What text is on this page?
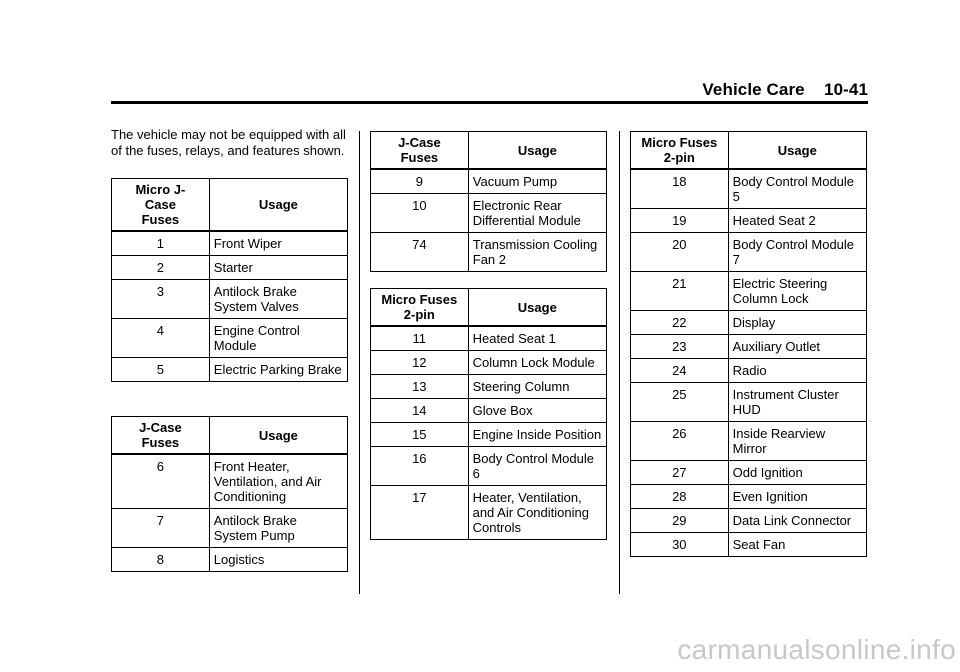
Vehicle Care    10-41
The vehicle may not be equipped with all of the fuses, relays, and features shown.
Micro J-Case Fuses	Usage
1	Front Wiper
2	Starter
3	Antilock Brake System Valves
4	Engine Control Module
5	Electric Parking Brake
J-Case Fuses	Usage
6	Front Heater, Ventilation, and Air Conditioning
7	Antilock Brake System Pump
8	Logistics
J-Case Fuses	Usage
9	Vacuum Pump
10	Electronic Rear Differential Module
74	Transmission Cooling Fan 2
Micro Fuses 2-pin	Usage
11	Heated Seat 1
12	Column Lock Module
13	Steering Column
14	Glove Box
15	Engine Inside Position
16	Body Control Module 6
17	Heater, Ventilation, and Air Conditioning Controls
Micro Fuses 2-pin	Usage
18	Body Control Module 5
19	Heated Seat 2
20	Body Control Module 7
21	Electric Steering Column Lock
22	Display
23	Auxiliary Outlet
24	Radio
25	Instrument Cluster HUD
26	Inside Rearview Mirror
27	Odd Ignition
28	Even Ignition
29	Data Link Connector
30	Seat Fan
carmanualsonline.info
